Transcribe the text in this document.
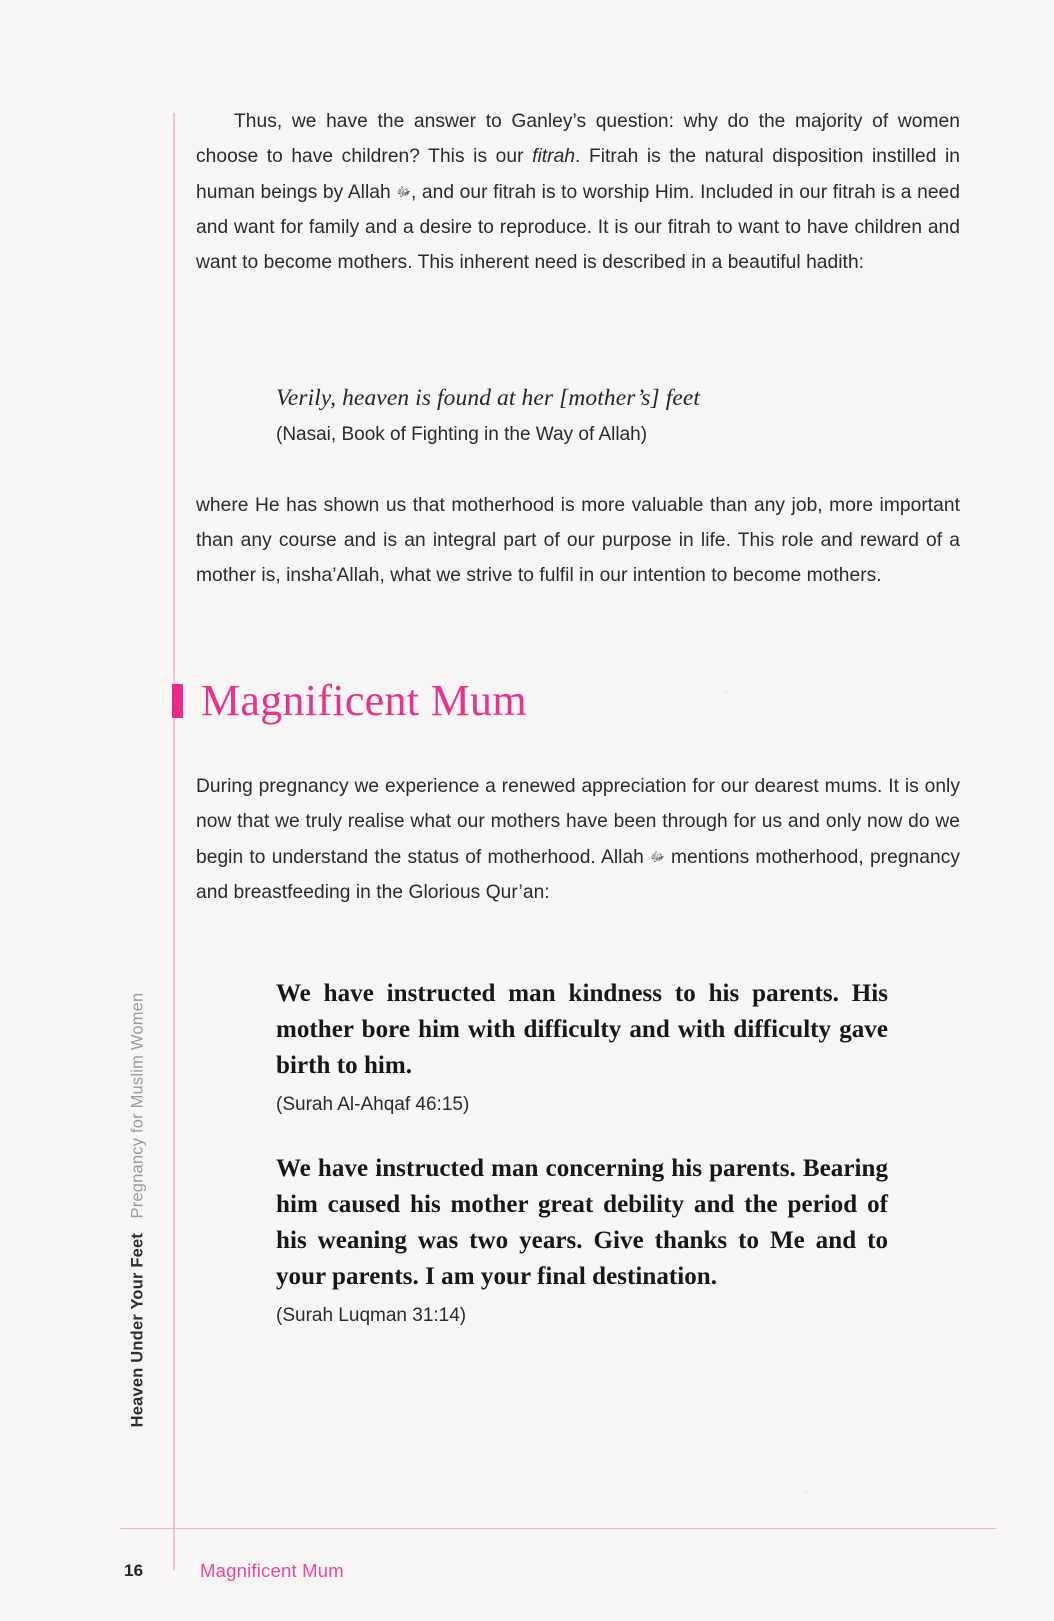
Heaven Under Your Feet   Pregnancy for Muslim Women

Thus, we have the answer to Ganley’s question: why do the majority of women choose to have children? This is our fitrah. Fitrah is the natural disposition instilled in human beings by Allah ﷻ, and our fitrah is to worship Him. Included in our fitrah is a need and want for family and a desire to reproduce. It is our fitrah to want to have children and want to become mothers. This inherent need is described in a beautiful hadith:

Verily, heaven is found at her [mother’s] feet

(Nasai, Book of Fighting in the Way of Allah)

where He has shown us that motherhood is more valuable than any job, more important than any course and is an integral part of our purpose in life. This role and reward of a mother is, insha’Allah, what we strive to fulfil in our intention to become mothers.

Magnificent Mum

During pregnancy we experience a renewed appreciation for our dearest mums. It is only now that we truly realise what our mothers have been through for us and only now do we begin to understand the status of motherhood. Allah ﷻ mentions motherhood, pregnancy and breastfeeding in the Glorious Qur’an:

We have instructed man kindness to his parents. His mother bore him with difficulty and with difficulty gave birth to him.

(Surah Al-Ahqaf 46:15)

We have instructed man concerning his parents. Bearing him caused his mother great debility and the period of his weaning was two years. Give thanks to Me and to your parents. I am your final destination.

(Surah Luqman 31:14)

16	Magnificent Mum
